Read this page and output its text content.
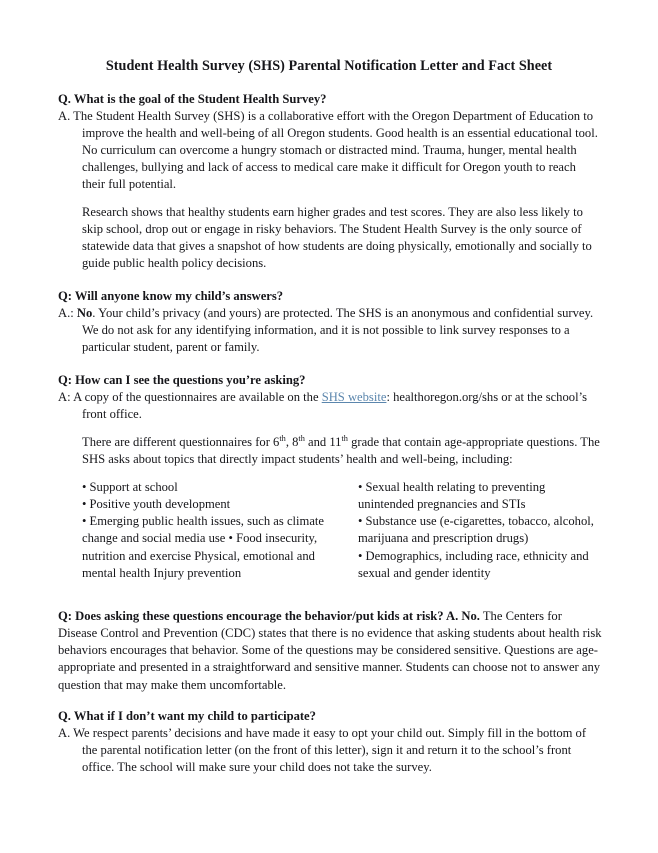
Student Health Survey (SHS) Parental Notification Letter and Fact Sheet

Q. What is the goal of the Student Health Survey?

A. The Student Health Survey (SHS) is a collaborative effort with the Oregon Department of Education to improve the health and well-being of all Oregon students. Good health is an essential educational tool. No curriculum can overcome a hungry stomach or distracted mind. Trauma, hunger, mental health challenges, bullying and lack of access to medical care make it difficult for Oregon youth to reach their full potential.

Research shows that healthy students earn higher grades and test scores. They are also less likely to skip school, drop out or engage in risky behaviors. The Student Health Survey is the only source of statewide data that gives a snapshot of how students are doing physically, emotionally and socially to guide public health policy decisions.

Q: Will anyone know my child’s answers?

A.: No. Your child’s privacy (and yours) are protected. The SHS is an anonymous and confidential survey. We do not ask for any identifying information, and it is not possible to link survey responses to a particular student, parent or family.

Q: How can I see the questions you’re asking?

A: A copy of the questionnaires are available on the SHS website: healthoregon.org/shs or at the school’s front office.

There are different questionnaires for 6th, 8th and 11th grade that contain age-appropriate questions. The SHS asks about topics that directly impact students’ health and well-being, including:

• Support at school

• Positive youth development

• Emerging public health issues, such as climate change and social media use • Food insecurity, nutrition and exercise Physical, emotional and mental health Injury prevention

• Sexual health relating to preventing unintended pregnancies and STIs

• Substance use (e-cigarettes, tobacco, alcohol, marijuana and prescription drugs)

• Demographics, including race, ethnicity and sexual and gender identity

Q: Does asking these questions encourage the behavior/put kids at risk? A. No. The Centers for Disease Control and Prevention (CDC) states that there is no evidence that asking students about health risk behaviors encourages that behavior. Some of the questions may be considered sensitive. Questions are age-appropriate and presented in a straightforward and sensitive manner. Students can choose not to answer any question that may make them uncomfortable.

Q. What if I don’t want my child to participate?

A. We respect parents’ decisions and have made it easy to opt your child out. Simply fill in the bottom of the parental notification letter (on the front of this letter), sign it and return it to the school’s front office. The school will make sure your child does not take the survey.
